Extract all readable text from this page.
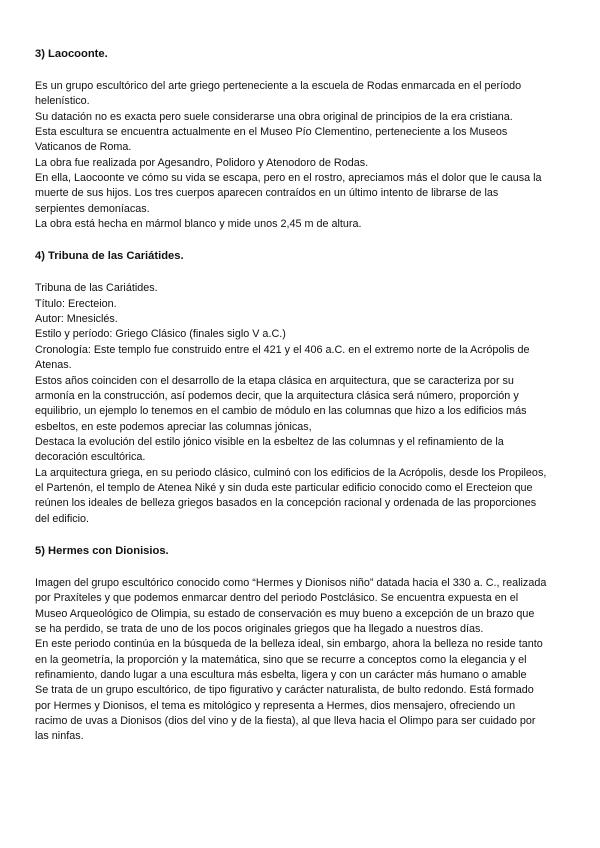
3) Laocoonte.
Es un grupo escultórico del arte griego perteneciente a la escuela de Rodas enmarcada en el período
helenístico.
Su datación no es exacta pero suele considerarse una obra original de principios de la era cristiana.
Esta escultura se encuentra actualmente en el Museo Pío Clementino, perteneciente a los Museos
Vaticanos de Roma.
La obra fue realizada por Agesandro, Polidoro y Atenodoro de Rodas.
En ella, Laocoonte ve cómo su vida se escapa, pero en el rostro, apreciamos más el dolor que le causa la
muerte de sus hijos. Los tres cuerpos aparecen contraídos en un último intento de librarse de las
serpientes demoníacas.
La obra está hecha en mármol blanco y mide unos 2,45 m de altura.
4) Tribuna de las Cariátides.
Tribuna de las Cariátides.
Título: Erecteion.
Autor: Mnesiclés.
Estilo y período: Griego Clásico (finales siglo V a.C.)
Cronología: Este templo fue construido entre el 421 y el 406 a.C. en el extremo norte de la Acrópolis de
Atenas.
Estos años coinciden con el desarrollo de la etapa clásica en arquitectura, que se caracteriza por su
armonía en la construcción, así podemos decir, que la arquitectura clásica será número, proporción y
equilibrio, un ejemplo lo tenemos en el cambio de módulo en las columnas que hizo a los edificios más
esbeltos, en este podemos apreciar las columnas jónicas,
Destaca la evolución del estilo jónico visible en la esbeltez de las columnas y el refinamiento de la
decoración escultórica.
La arquitectura griega, en su periodo clásico, culminó con los edificios de la Acrópolis, desde los Propileos,
el Partenón, el templo de Atenea Niké y sin duda este particular edificio conocido como el Erecteion que
reúnen los ideales de belleza griegos basados en la concepción racional y ordenada de las proporciones
del edificio.
5) Hermes con Dionisios.
Imagen del grupo escultórico conocido como “Hermes y Dionisos niño” datada hacia el 330 a. C., realizada
por Praxíteles y que podemos enmarcar dentro del periodo Postclásico. Se encuentra expuesta en el
Museo Arqueológico de Olimpia, su estado de conservación es muy bueno a excepción de un brazo que
se ha perdido, se trata de uno de los pocos originales griegos que ha llegado a nuestros días.
En este periodo continúa en la búsqueda de la belleza ideal, sin embargo, ahora la belleza no reside tanto
en la geometría, la proporción y la matemática, sino que se recurre a conceptos como la elegancia y el
refinamiento, dando lugar a una escultura más esbelta, ligera y con un carácter más humano o amable
Se trata de un grupo escultórico, de tipo figurativo y carácter naturalista, de bulto redondo. Está formado
por Hermes y Dionisos, el tema es mitológico y representa a Hermes, dios mensajero, ofreciendo un
racimo de uvas a Dionisos (dios del vino y de la fiesta), al que lleva hacia el Olimpo para ser cuidado por
las ninfas.
